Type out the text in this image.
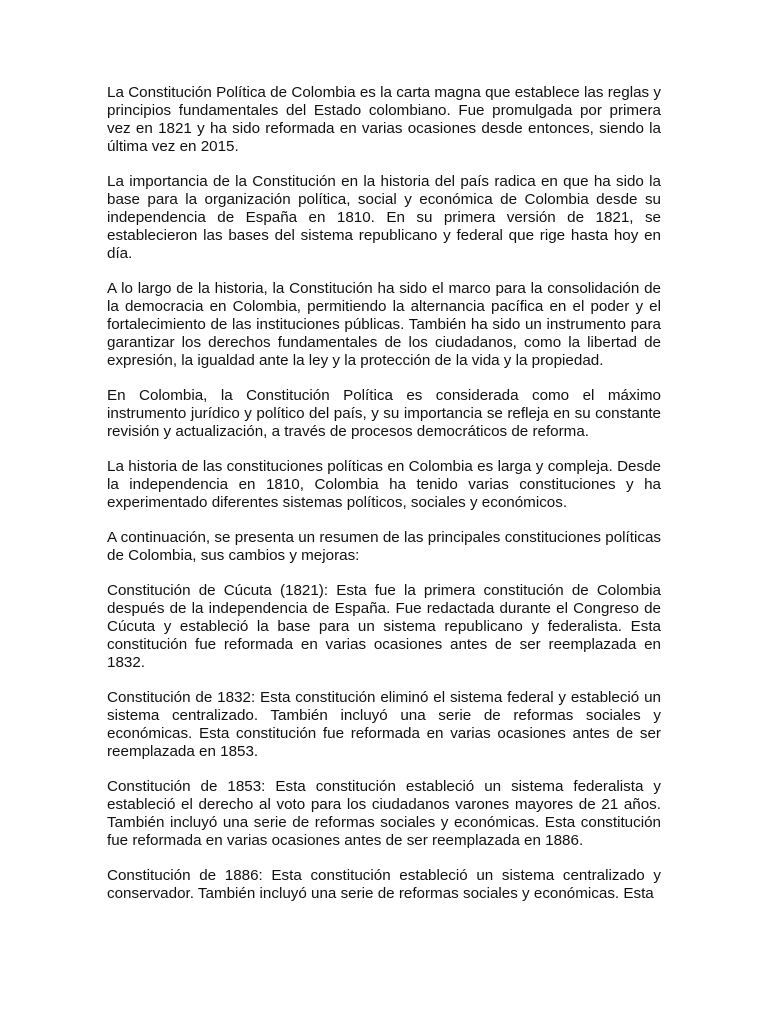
La Constitución Política de Colombia es la carta magna que establece las reglas y principios fundamentales del Estado colombiano. Fue promulgada por primera vez en 1821 y ha sido reformada en varias ocasiones desde entonces, siendo la última vez en 2015.

La importancia de la Constitución en la historia del país radica en que ha sido la base para la organización política, social y económica de Colombia desde su independencia de España en 1810. En su primera versión de 1821, se establecieron las bases del sistema republicano y federal que rige hasta hoy en día.

A lo largo de la historia, la Constitución ha sido el marco para la consolidación de la democracia en Colombia, permitiendo la alternancia pacífica en el poder y el fortalecimiento de las instituciones públicas. También ha sido un instrumento para garantizar los derechos fundamentales de los ciudadanos, como la libertad de expresión, la igualdad ante la ley y la protección de la vida y la propiedad.

En Colombia, la Constitución Política es considerada como el máximo instrumento jurídico y político del país, y su importancia se refleja en su constante revisión y actualización, a través de procesos democráticos de reforma.

La historia de las constituciones políticas en Colombia es larga y compleja. Desde la independencia en 1810, Colombia ha tenido varias constituciones y ha experimentado diferentes sistemas políticos, sociales y económicos.

A continuación, se presenta un resumen de las principales constituciones políticas de Colombia, sus cambios y mejoras:

Constitución de Cúcuta (1821): Esta fue la primera constitución de Colombia después de la independencia de España. Fue redactada durante el Congreso de Cúcuta y estableció la base para un sistema republicano y federalista. Esta constitución fue reformada en varias ocasiones antes de ser reemplazada en 1832.

Constitución de 1832: Esta constitución eliminó el sistema federal y estableció un sistema centralizado. También incluyó una serie de reformas sociales y económicas. Esta constitución fue reformada en varias ocasiones antes de ser reemplazada en 1853.

Constitución de 1853: Esta constitución estableció un sistema federalista y estableció el derecho al voto para los ciudadanos varones mayores de 21 años. También incluyó una serie de reformas sociales y económicas. Esta constitución fue reformada en varias ocasiones antes de ser reemplazada en 1886.

Constitución de 1886: Esta constitución estableció un sistema centralizado y conservador. También incluyó una serie de reformas sociales y económicas. Esta
